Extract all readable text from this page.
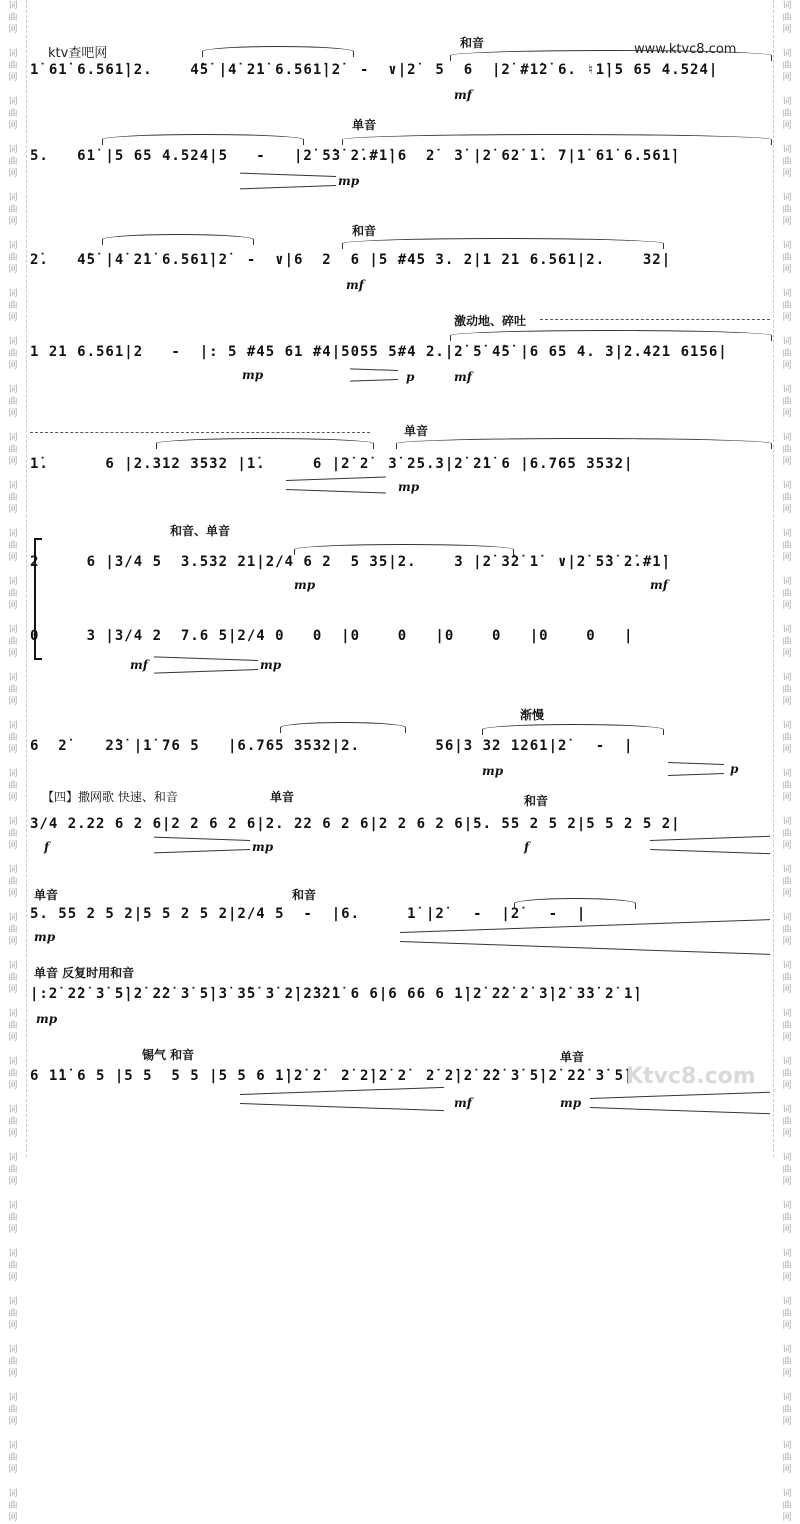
词
曲
网

词
曲
网

词
曲
网

词
曲
网

词
曲
网

词
曲
网

词
曲
网

词
曲
网

词
曲
网

词
曲
网

词
曲
网

词
曲
网

词
曲
网

词
曲
网

词
曲
网

词
曲
网

词
曲
网

词
曲
网

词
曲
网

词
曲
网

词
曲
网

词
曲
网

词
曲
网

词
曲
网

词
曲
网

词
曲
网

词
曲
网

词
曲
网

词
曲
网

词
曲
网

词
曲
网

词
曲
网

词
曲
网

词
曲
网

词
曲
网

词
曲
网

词
曲
网

词
曲
网

词
曲
网

词
曲
网

词
曲
网

词
曲
网

词
曲
网

词
曲
网

词
曲
网

词
曲
网

词
曲
网

词
曲
网

词
曲
网

词
曲
网

词
曲
网

词
曲
网

词
曲
网

词
曲
网

词
曲
网

词
曲
网

词
曲
网

词
曲
网

词
曲
网

词
曲
网

词
曲
网

词
曲
网

词
曲
网

词
曲
网

ktv查吧网	www.ktvc8.com
和音
1̇ 61̇ 6.561̇|2.    4̇5̇ |4̇ 2̇1̇ 6.561̇|2̇  -  ∨|2̇  5  6  |2̇ #1̇2̇ 6. ♮1̇|5 65 4.524|
mf
单音
5.   61̇ |5 65 4.524|5   -   |2̇ 5̇3̇ 2̇.#1̇|6  2̇  3̇ |2̇ 62̇ 1̇. 7|1̇ 61̇ 6.561̇|
mp
和音
2̇.   4̇5̇ |4̇ 2̇1̇ 6.561̇|2̇  -  ∨|6  2  6 |5 #45 3. 2|1 21 6.561|2.    32|
mf
激动地、碎吐
1 21 6.561|2   -  |: 5 #45 61 #4|5055 5#4 2.|2̇ 5̇ 4̇5̇ |6 65 4. 3|2.421 6156|
mp	p	mf
单音
1̇.      6 |2.312 3532 |1̇.     6 |2̇ 2̇  3̇ 25.3|2̇ 2̇1̇ 6 |6.765 3532|
mp
和音、单音
2     6 |3/4 5  3.532 21|2/4 6 2  5 35|2.    3 |2̇ 3̇2̇ 1̇  ∨|2̇ 5̇3̇ 2̇.#1̇|
mp	mf
0     3 |3/4 2  7.6 5|2/4 0   0  |0    0   |0    0   |0    0   |
mf	mp
渐慢
6  2̇    2̇3̇ |1̇ 76 5   |6.765 3532|2.        56|3 32 1261|2̇   -  |
mp	p
【四】撒网歌 快速、和音	单音	和音
3/4 2.22 6 2 6|2 2 6 2 6|2. 22 6 2 6|2 2 6 2 6|5. 55 2 5 2|5 5 2 5 2|
f	mp	f
单音	和音
5. 55 2 5 2|5 5 2 5 2|2/4 5  -  |6.     1̇ |2̇   -  |2̇   -  |
mp
单音 反复时用和音
|:2̇ 2̇2̇ 3̇ 5̇|2̇ 2̇2̇ 3̇ 5̇|3̇ 3̇5̇ 3̇ 2̇|2̇3̇2̇1̇ 6 6|6 66 6 1̇|2̇ 2̇2̇ 2̇ 3̇|2̇ 3̇3̇ 2̇ 1̇|
mp
锡气 和音	单音
6 1̇1̇ 6 5 |5 5  5 5 |5 5 6 1̇|2̇ 2̇  2̇ 2̇|2̇ 2̇  2̇ 2̇|2̇ 2̇2̇ 3̇ 5̇|2̇ 2̇2̇ 3̇ 5̇|
mf	mp
Ktvc8.com
